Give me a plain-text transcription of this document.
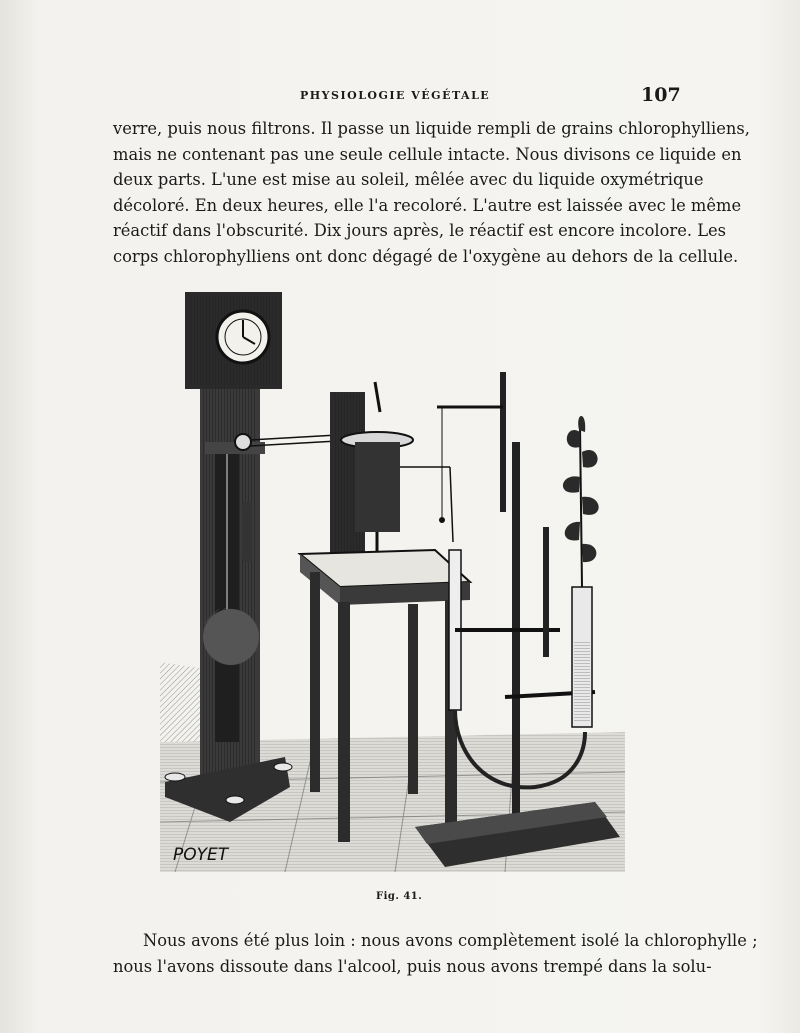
PHYSIOLOGIE VÉGÉTALE	107
verre, puis nous filtrons. Il passe un liquide rempli de grains chlorophylliens,
mais ne contenant pas une seule cellule intacte. Nous divisons ce liquide en
deux parts. L'une est mise au soleil, mêlée avec du liquide oxymétrique
décoloré. En deux heures, elle l'a recoloré. L'autre est laissée avec le même
réactif dans l'obscurité. Dix jours après, le réactif est encore incolore. Les
corps chlorophylliens ont donc dégagé de l'oxygène au dehors de la cellule.
POYET
Fig. 41.
Nous avons été plus loin : nous avons complètement isolé la chlorophylle ;
nous l'avons dissoute dans l'alcool, puis nous avons trempé dans la solu-
